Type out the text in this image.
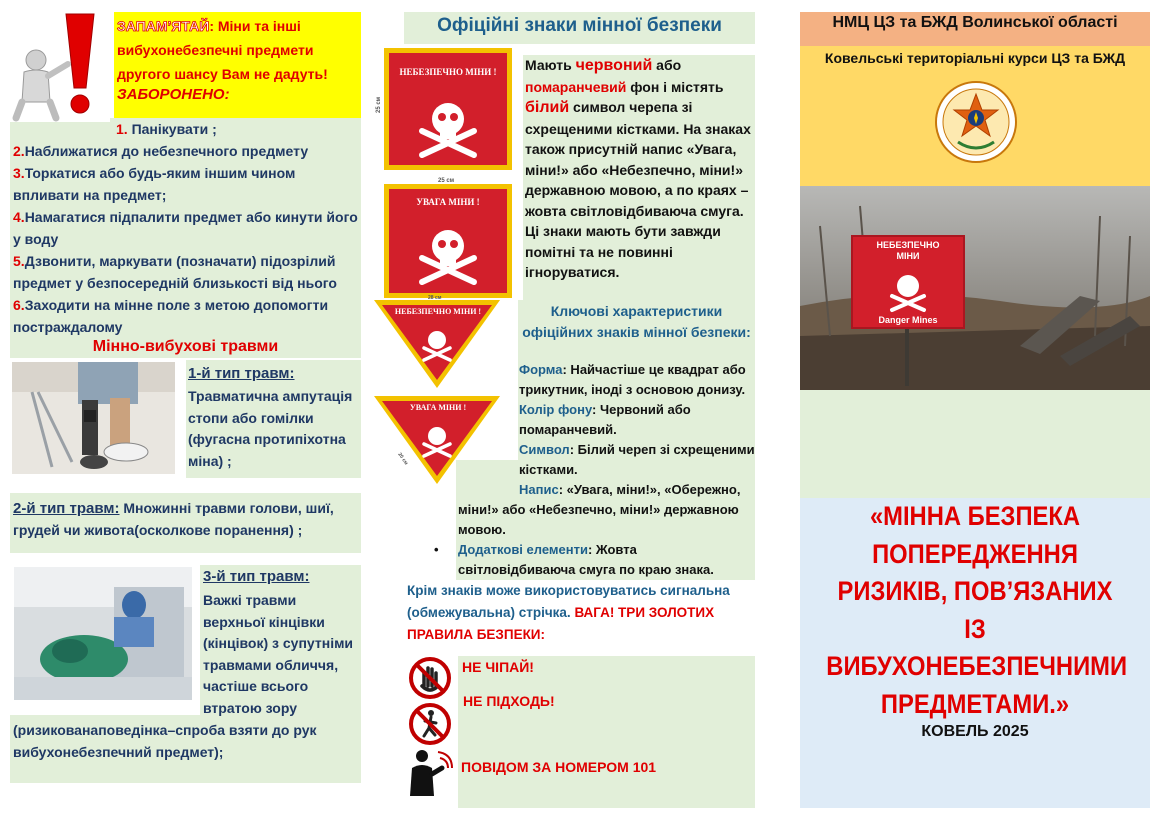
ЗАПАМ’ЯТАЙ: Міни та інші вибухонебезпечні предмети другого шансу Вам не дадуть!

ЗАБОРОНЕНО:

1. Панікувати ;

2.Наближатися до небезпечного предмету

3.Торкатися або будь-яким іншим чином впливати на предмет;

4.Намагатися підпалити предмет або кинути його у воду

5.Дзвонити, маркувати (позначати) підозрілий предмет у безпосередній близькості від нього

6.Заходити на мінне поле з метою допомогти постраждалому

Мінно-вибухові травми

1-й тип травм:

Травматична ампутація стопи або гомілки (фугасна протипіхотна міна) ;

2-й тип травм: Множинні травми голови, шиї, грудей чи живота(осколкове поранення) ;

3-й тип травм:

Важкі травми верхньої кінцівки (кінцівок) з супутніми травмами обличчя, частіше всього втратою зору

(ризикованаповедінка–спроба взяти до рук вибухонебезпечний предмет);

Офіційні знаки мінної безпеки

25 см
НЕБЕЗПЕЧНО МІНИ !
25 см
УВАГА МІНИ !
28 см
НЕБЕЗПЕЧНО МІНИ !
20 см
УВАГА МІНИ !

Мають червоний або помаранчевий фон і містять білий символ черепа зі схрещеними кістками. На знаках також присутній напис «Увага, міни!» або «Небезпечно, міни!» державною мовою, а по краях – жовта світловідбиваюча смуга. Ці знаки мають бути завжди помітні та не повинні ігноруватися.

Ключові характеристики офіційних знаків мінної безпеки:

Форма: Найчастіше це квадрат або трикутник, іноді з основою донизу.

Колір фону: Червоний або помаранчевий.

Символ: Білий череп зі схрещеними кістками.

Напис: «Увага, міни!», «Обережно, міни!» або «Небезпечно, міни!» державною мовою.

• Додаткові елементи: Жовта світловідбиваюча смуга по краю знака.

Крім знаків може використовуватись сигнальна (обмежувальна) стрічка. ВАГА! ТРИ ЗОЛОТИХ ПРАВИЛА БЕЗПЕКИ:

НЕ ЧІПАЙ!

НЕ ПІДХОДЬ!

ПОВІДОМ ЗА НОМЕРОМ 101

НМЦ ЦЗ та БЖД Волинської області

Ковельські територіальні курси ЦЗ та БЖД

НЕБЕЗПЕЧНО
МІНИ

Danger Mines

«МІННА БЕЗПЕКА ПОПЕРЕДЖЕННЯ РИЗИКІВ, ПОВ’ЯЗАНИХ ІЗ ВИБУХОНЕБЕЗПЕЧНИМИ ПРЕДМЕТАМИ.»

КОВЕЛЬ 2025
